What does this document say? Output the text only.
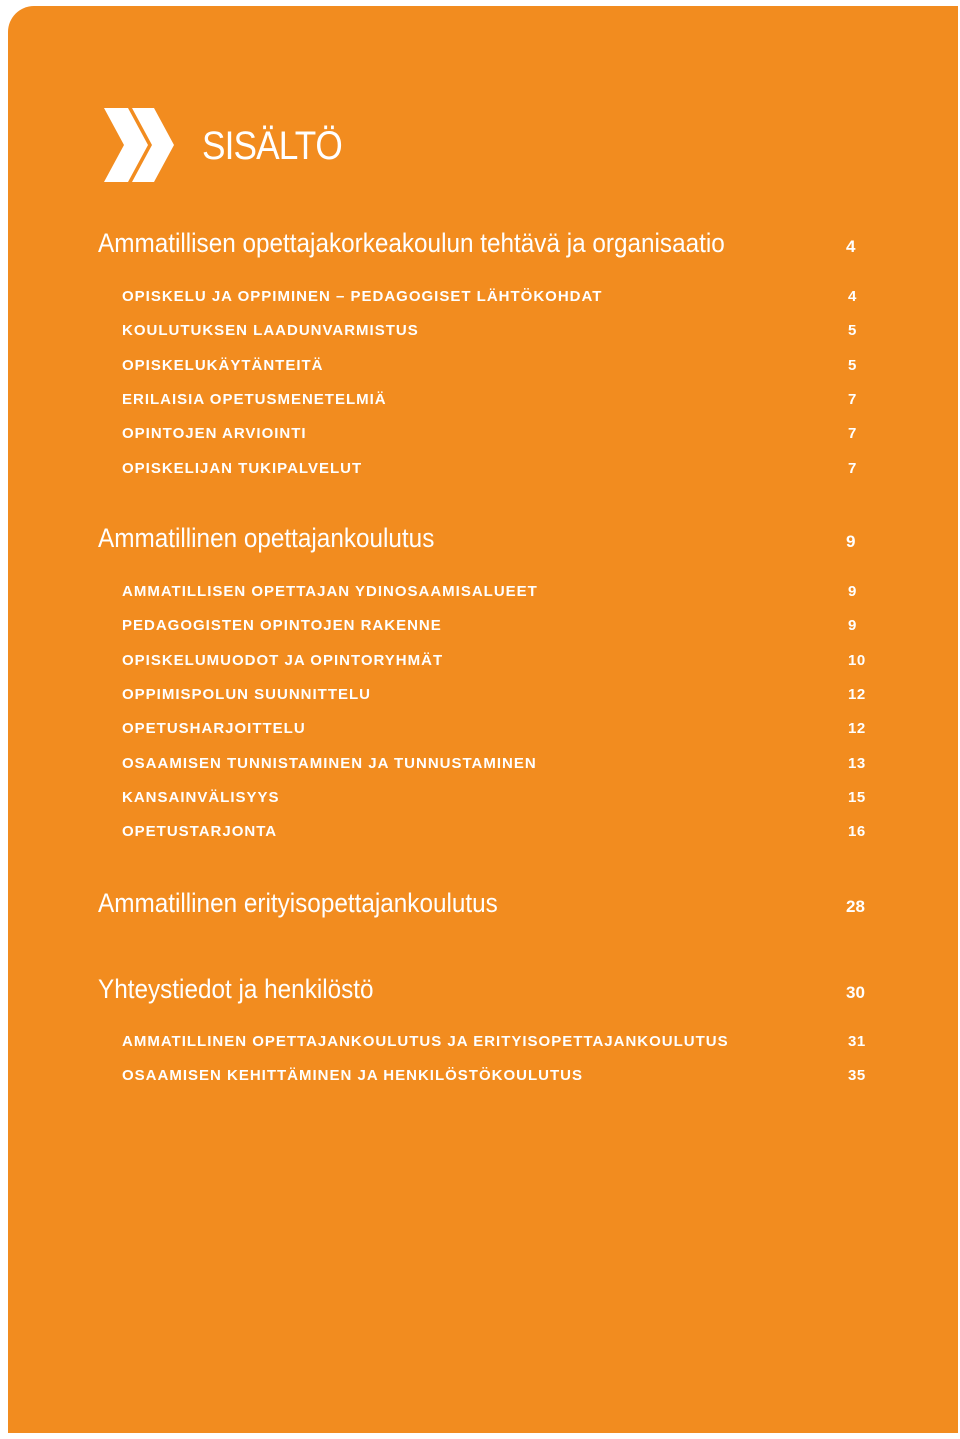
SISÄLTÖ
Ammatillisen opettajakorkeakoulun tehtävä ja organisaatio	4
OPISKELU JA OPPIMINEN – PEDAGOGISET LÄHTÖKOHDAT	4
KOULUTUKSEN LAADUNVARMISTUS	5
OPISKELUKÄYTÄNTEITÄ	5
ERILAISIA OPETUSMENETELMIÄ	7
OPINTOJEN ARVIOINTI	7
OPISKELIJAN TUKIPALVELUT	7
Ammatillinen opettajankoulutus	9
AMMATILLISEN OPETTAJAN YDINOSAAMISALUEET	9
PEDAGOGISTEN OPINTOJEN RAKENNE	9
OPISKELUMUODOT JA OPINTORYHMÄT	10
OPPIMISPOLUN SUUNNITTELU	12
OPETUSHARJOITTELU	12
OSAAMISEN TUNNISTAMINEN JA TUNNUSTAMINEN	13
KANSAINVÄLISYYS	15
OPETUSTARJONTA	16
Ammatillinen erityisopettajankoulutus	28
Yhteystiedot ja henkilöstö	30
AMMATILLINEN OPETTAJANKOULUTUS JA ERITYISOPETTAJANKOULUTUS	31
OSAAMISEN KEHITTÄMINEN JA HENKILÖSTÖKOULUTUS	35
